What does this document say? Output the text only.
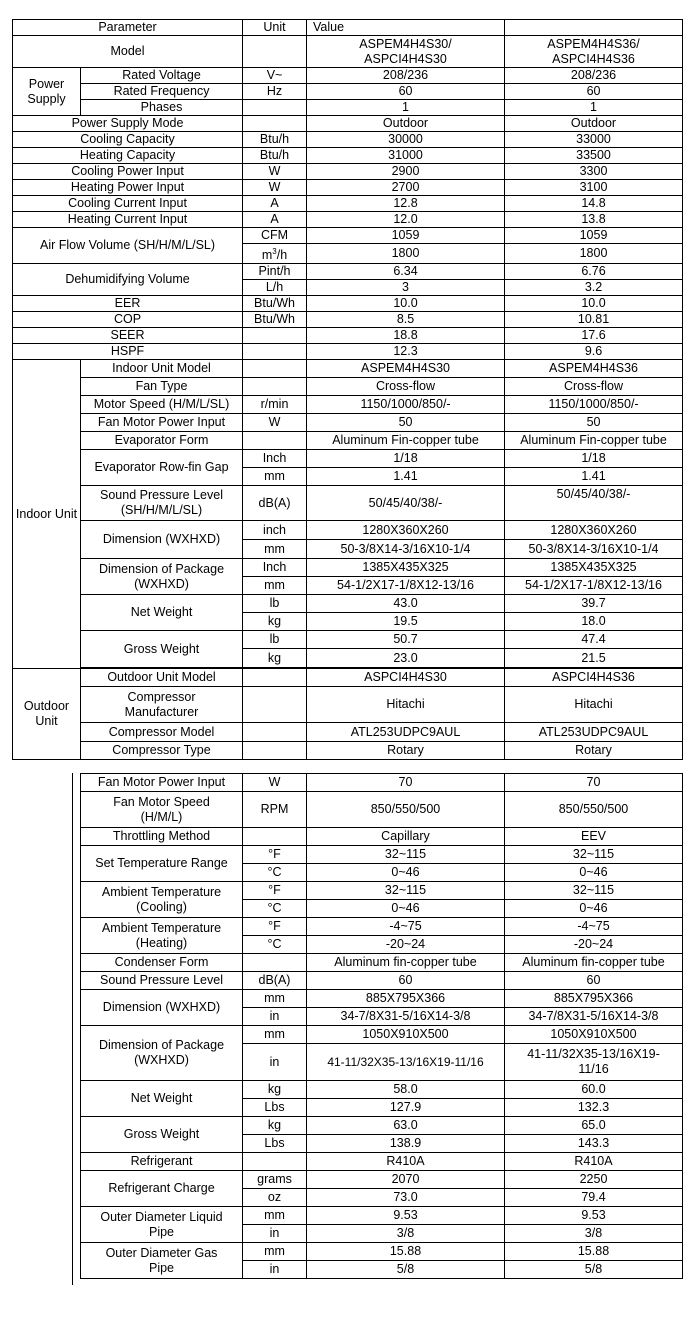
Parameter		Unit	Value	
Model			ASPEM4H4S30/
ASPCI4H4S30	ASPEM4H4S36/
ASPCI4H4S36
Power Supply	Rated Voltage	V~	208/236	208/236
	Rated Frequency	Hz	60	60
	Phases		1	1
Power Supply Mode			Outdoor	Outdoor
Cooling Capacity		Btu/h	30000	33000
Heating Capacity		Btu/h	31000	33500
Cooling Power Input		W	2900	3300
Heating Power Input		W	2700	3100
Cooling Current Input		A	12.8	14.8
Heating Current Input		A	12.0	13.8
Air Flow Volume (SH/H/M/L/SL)		CFM	1059	1059
		$m^3/h$	1800	1800
Dehumidifying Volume		Pint/h	6.34	6.76
		L/h	3	3.2
EER		Btu/Wh	10.0	10.0
COP		Btu/Wh	8.5	10.81
SEER			18.8	17.6
HSPF			12.3	9.6
Indoor Unit	Indoor Unit Model		ASPEM4H4S30	ASPEM4H4S36
	Fan Type		Cross-flow	Cross-flow
	Motor Speed (H/M/L/SL)	r/min	1150/1000/850/-	1150/1000/850/-
	Fan Motor Power Input	W	50	50
	Evaporator Form		Aluminum Fin-copper tube	Aluminum Fin-copper tube
	Evaporator Row-fin Gap	Inch	1/18	1/18
		mm	1.41	1.41
	Sound Pressure Level
(SH/H/M/L/SL)	dB(A)	50/45/40/38/-	50/45/40/38/-
	Dimension (WXHXD)	inch	1280X360X260	1280X360X260
		mm	50-3/8X14-3/16X10-1/4	50-3/8X14-3/16X10-1/4
	Dimension of Package
(WXHXD)	Inch	1385X435X325	1385X435X325
		mm	54-1/2X17-1/8X12-13/16	54-1/2X17-1/8X12-13/16
	Net Weight	lb	43.0	39.7
		kg	19.5	18.0
	Gross Weight	lb	50.7	47.4
		kg	23.0	21.5

Outdoor Unit	Outdoor Unit Model		ASPCI4H4S30	ASPCI4H4S36
	Compressor
Manufacturer		Hitachi	Hitachi
	Compressor Model		ATL253UDPC9AUL	ATL253UDPC9AUL
	Compressor Type		Rotary	Rotary
Fan Motor Power Input	W	70	70
Fan Motor Speed
(H/M/L)	RPM	850/550/500	850/550/500
Throttling Method		Capillary	EEV
Set Temperature Range	°F	32~115	32~115
	°C	0~46	0~46
Ambient Temperature
(Cooling)	°F	32~115	32~115
	°C	0~46	0~46
Ambient Temperature
(Heating)	°F	-4~75	-4~75
	°C	-20~24	-20~24
Condenser Form		Aluminum fin-copper tube	Aluminum fin-copper tube
Sound Pressure Level	dB(A)	60	60
Dimension (WXHXD)	mm	885X795X366	885X795X366
	in	34-7/8X31-5/16X14-3/8	34-7/8X31-5/16X14-3/8
Dimension of Package
(WXHXD)	mm	1050X910X500	1050X910X500
	in	41-11/32X35-13/16X19-11/16	41-11/32X35-13/16X19-
11/16
Net Weight	kg	58.0	60.0
	Lbs	127.9	132.3
Gross Weight	kg	63.0	65.0
	Lbs	138.9	143.3
Refrigerant		R410A	R410A
Refrigerant Charge	grams	2070	2250
	oz	73.0	79.4
Outer Diameter Liquid
Pipe	mm	9.53	9.53
	in	3/8	3/8
Outer Diameter Gas
Pipe	mm	15.88	15.88
	in	5/8	5/8
